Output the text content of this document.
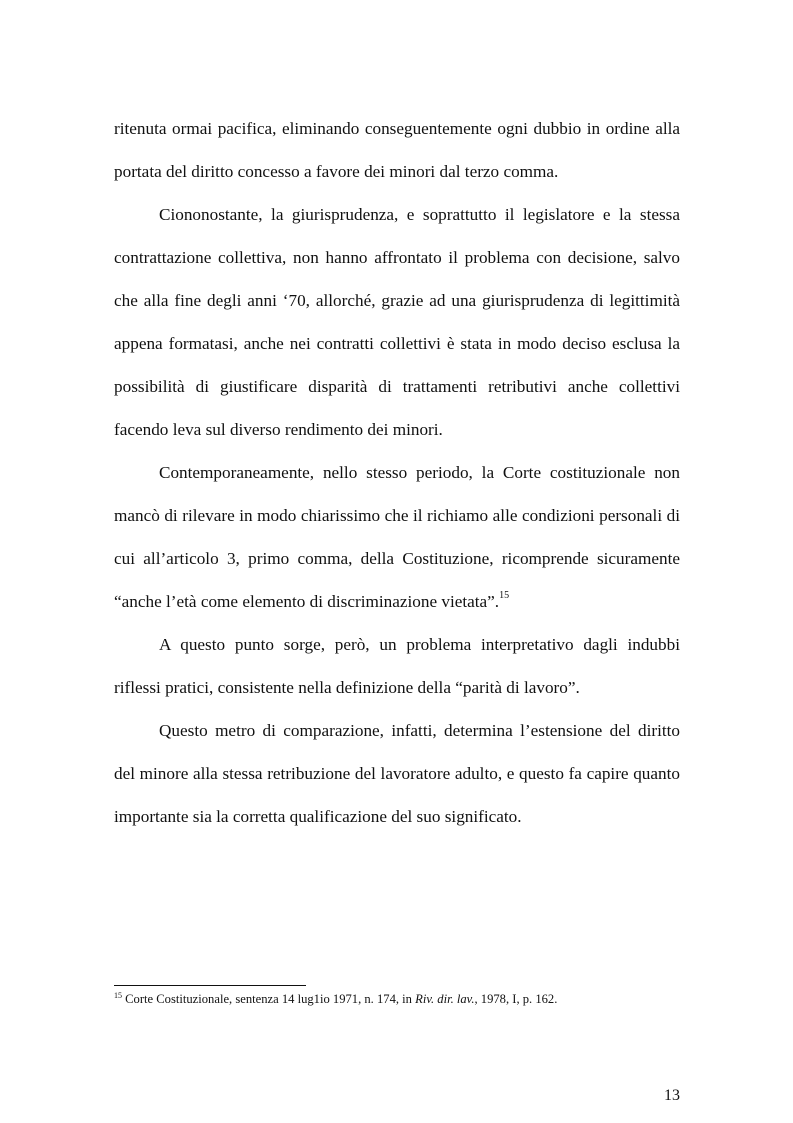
ritenuta ormai pacifica, eliminando conseguentemente ogni dubbio in ordine alla portata del diritto concesso a favore dei minori dal terzo comma.

Ciononostante, la giurisprudenza, e soprattutto il legislatore e la stessa contrattazione collettiva, non hanno affrontato il problema con decisione, salvo che alla fine degli anni ‘70, allorché, grazie ad una giurisprudenza di legittimità appena formatasi, anche nei contratti collettivi è stata in modo deciso esclusa la possibilità di giustificare disparità di trattamenti retributivi anche collettivi facendo leva sul diverso rendimento dei minori.

Contemporaneamente, nello stesso periodo, la Corte costituzionale non mancò di rilevare in modo chiarissimo che il richiamo alle condizioni personali di cui all’articolo 3, primo comma, della Costituzione, ricomprende sicuramente “anche l’età come elemento di discriminazione vietata”.$^{15}$

A questo punto sorge, però, un problema interpretativo dagli indubbi riflessi pratici, consistente nella definizione della “parità di lavoro”.

Questo metro di comparazione, infatti, determina l’estensione del diritto del minore alla stessa retribuzione del lavoratore adulto, e questo fa capire quanto importante sia la corretta qualificazione del suo significato.

$^{15}$ Corte Costituzionale, sentenza 14 lug1io 1971, n. 174, in Riv. dir. lav., 1978, I, p. 162.
13
